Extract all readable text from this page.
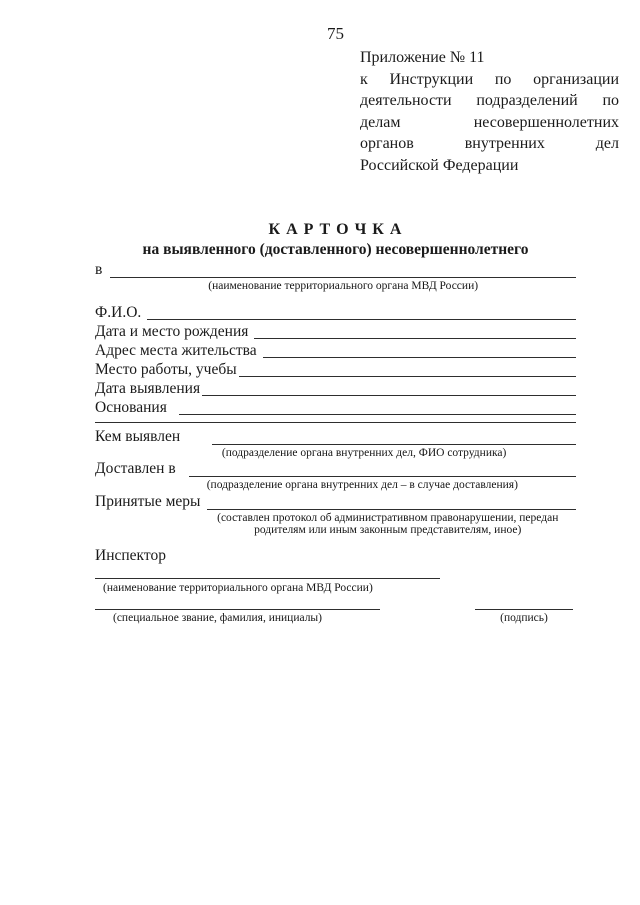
75
Приложение № 11
к Инструкции по организации
деятельности подразделений по
делам несовершеннолетних
органов внутренних дел
Российской Федерации
К А Р Т О Ч К А
на выявленного (доставленного) несовершеннолетнего
в
(наименование территориального органа МВД России)
Ф.И.О.
Дата и место рождения
Адрес места жительства
Место работы, учебы
Дата выявления
Основания
Кем выявлен
(подразделение органа внутренних дел, ФИО сотрудника)
Доставлен в
(подразделение органа внутренних дел – в случае доставления)
Принятые меры
(составлен протокол об административном правонарушении, передан родителям или иным законным представителям, иное)
Инспектор
(наименование территориального органа МВД России)
(специальное звание, фамилия, инициалы)	(подпись)
